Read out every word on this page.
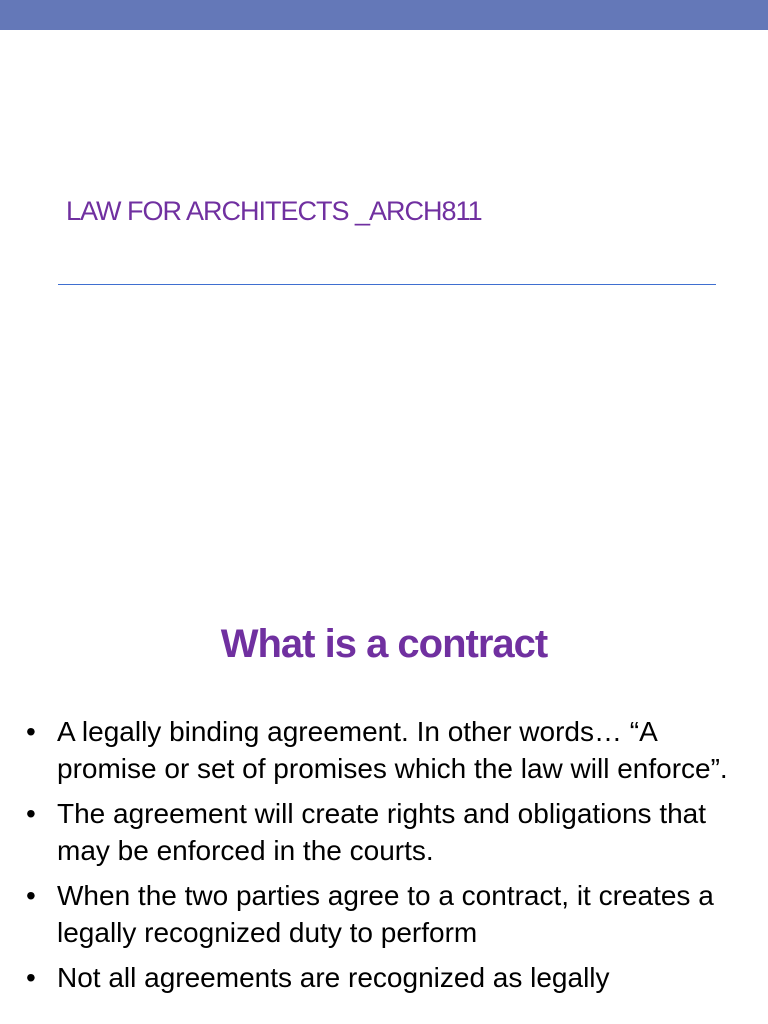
LAW FOR ARCHITECTS _ARCH811
What is a contract
• A legally binding agreement. In other words… “A promise or set of promises which the law will enforce”.
• The agreement will create rights and obligations that may be enforced in the courts.
• When the two parties agree to a contract, it creates a legally recognized duty to perform
• Not all agreements are recognized as legally
